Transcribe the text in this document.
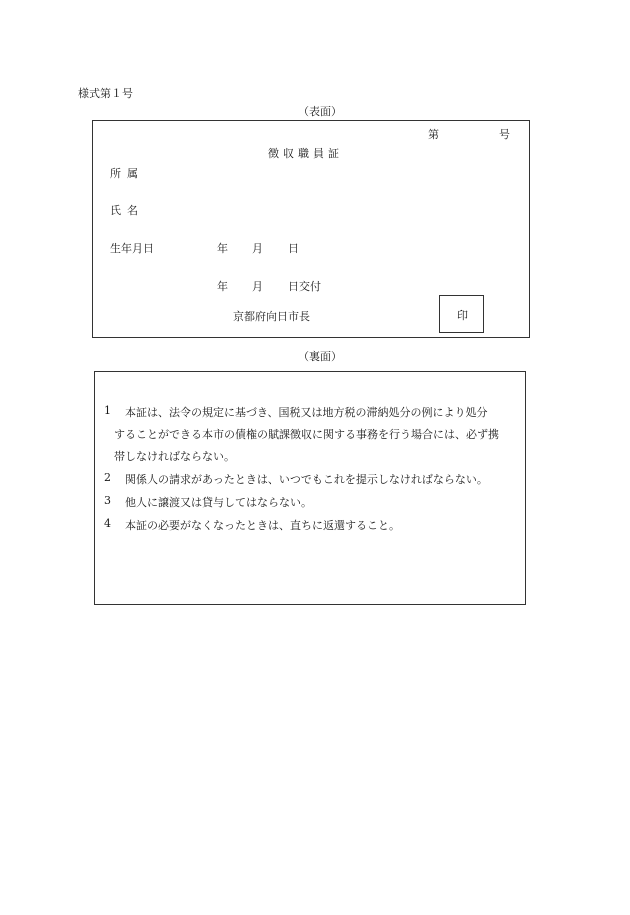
様式第１号
（表面）
第	号
徴収職員証
所属
氏名
生年月日	年 月 日
年 月 日交付
京都府向日市長	印
（裏面）
1 本証は、法令の規定に基づき、国税又は地方税の滞納処分の例により処分
することができる本市の債権の賦課徴収に関する事務を行う場合には、必ず携
帯しなければならない。
2 関係人の請求があったときは、いつでもこれを提示しなければならない。
3 他人に譲渡又は貸与してはならない。
4 本証の必要がなくなったときは、直ちに返還すること。
